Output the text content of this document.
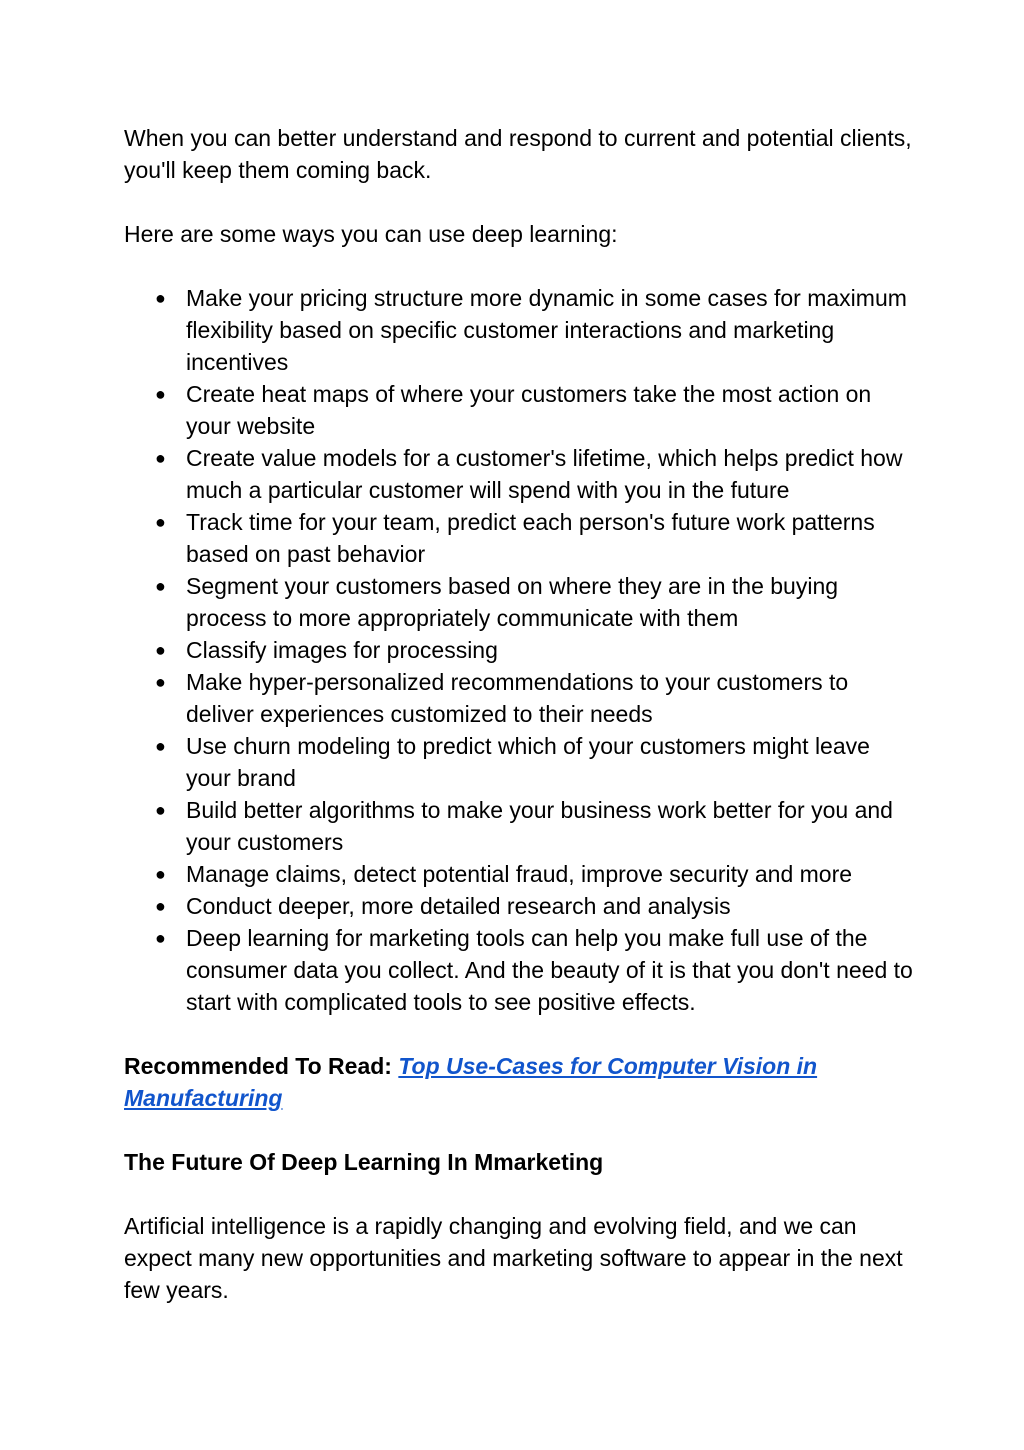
When you can better understand and respond to current and potential clients, you'll keep them coming back.

Here are some ways you can use deep learning:

● Make your pricing structure more dynamic in some cases for maximum flexibility based on specific customer interactions and marketing incentives
● Create heat maps of where your customers take the most action on your website
● Create value models for a customer's lifetime, which helps predict how much a particular customer will spend with you in the future
● Track time for your team, predict each person's future work patterns based on past behavior
● Segment your customers based on where they are in the buying process to more appropriately communicate with them
● Classify images for processing
● Make hyper-personalized recommendations to your customers to deliver experiences customized to their needs
● Use churn modeling to predict which of your customers might leave your brand
● Build better algorithms to make your business work better for you and your customers
● Manage claims, detect potential fraud, improve security and more
● Conduct deeper, more detailed research and analysis
● Deep learning for marketing tools can help you make full use of the consumer data you collect. And the beauty of it is that you don't need to start with complicated tools to see positive effects.

Recommended To Read: Top Use-Cases for Computer Vision in Manufacturing

The Future Of Deep Learning In Mmarketing

Artificial intelligence is a rapidly changing and evolving field, and we can expect many new opportunities and marketing software to appear in the next few years.
